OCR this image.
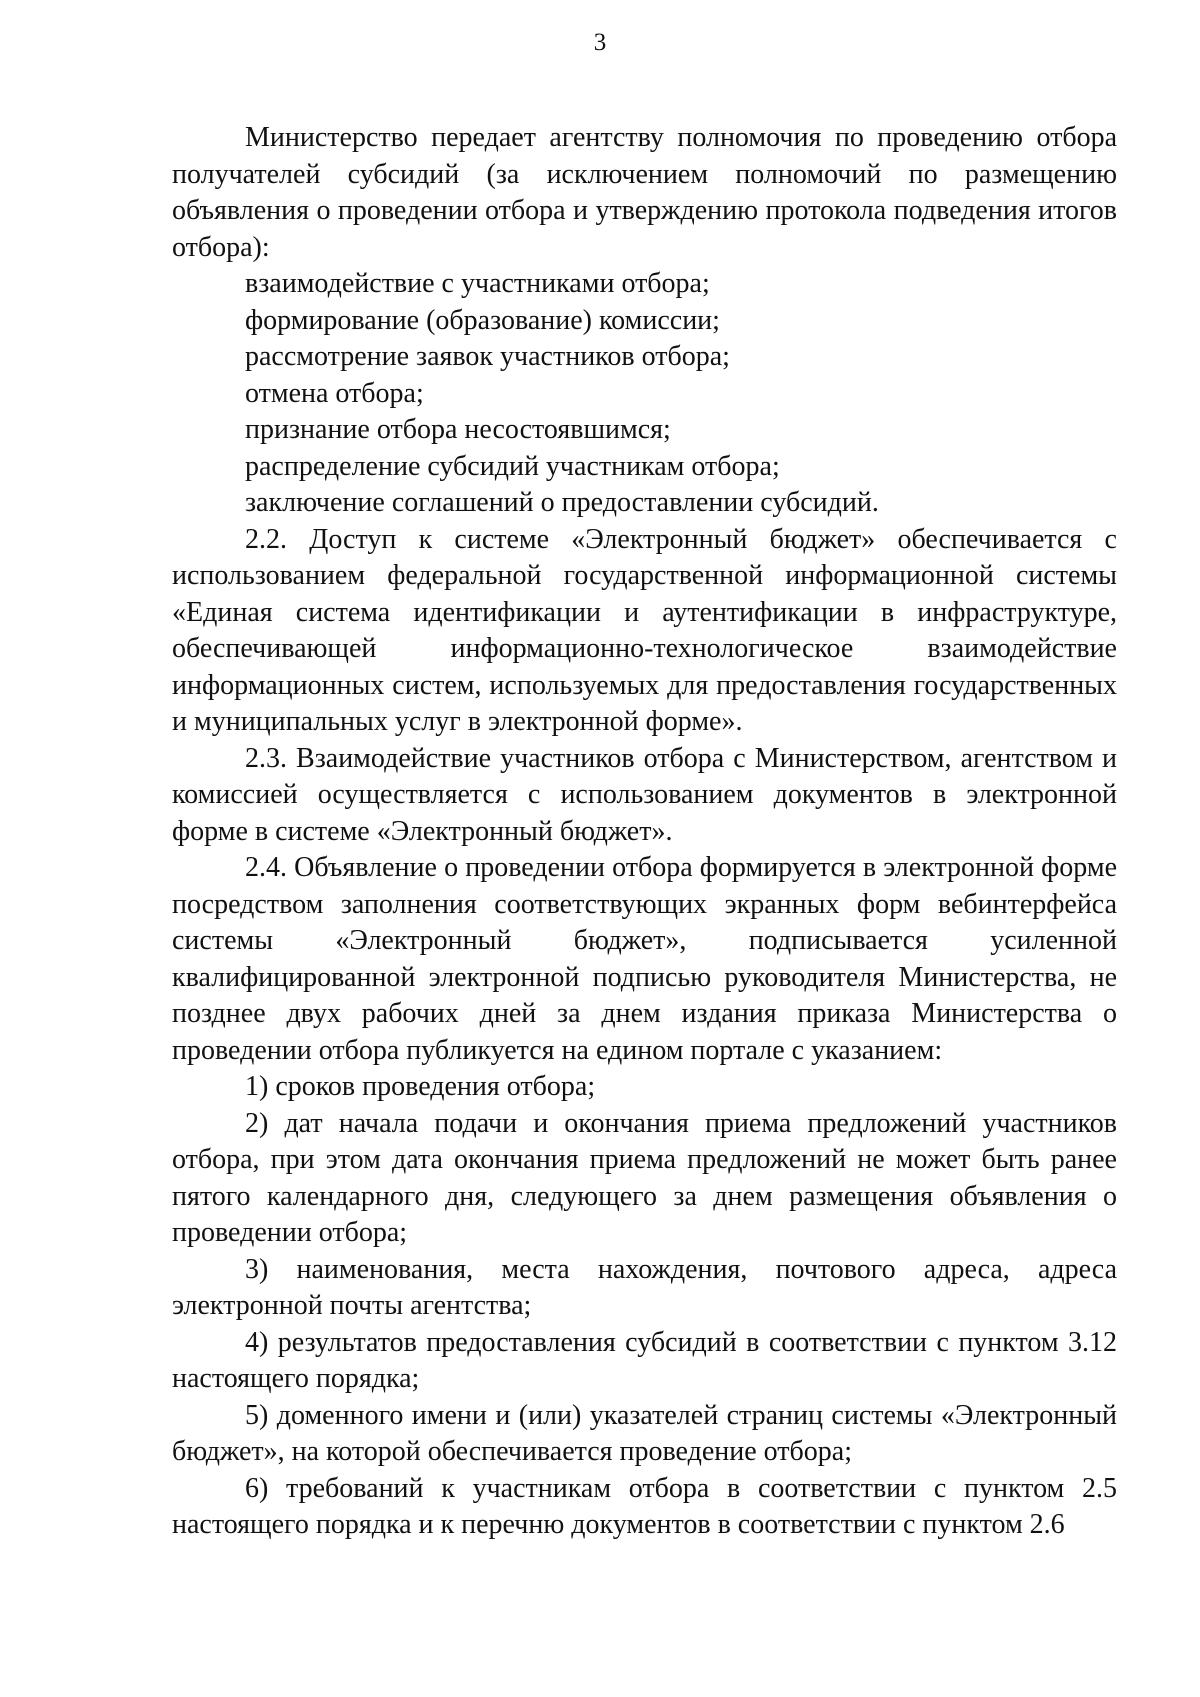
3

Министерство передает агентству полномочия по проведению отбора получателей субсидий (за исключением полномочий по размещению объявления о проведении отбора и утверждению протокола подведения итогов отбора):

взаимодействие с участниками отбора;

формирование (образование) комиссии;

рассмотрение заявок участников отбора;

отмена отбора;

признание отбора несостоявшимся;

распределение субсидий участникам отбора;

заключение соглашений о предоставлении субсидий.

2.2. Доступ к системе «Электронный бюджет» обеспечивается с использованием федеральной государственной информационной системы «Единая система идентификации и аутентификации в инфраструктуре, обеспечивающей информационно-технологическое взаимодействие информационных систем, используемых для предоставления государственных и муниципальных услуг в электронной форме».

2.3. Взаимодействие участников отбора с Министерством, агентством и комиссией осуществляется с использованием документов в электронной форме в системе «Электронный бюджет».

2.4. Объявление о проведении отбора формируется в электронной форме посредством заполнения соответствующих экранных форм вебинтерфейса системы «Электронный бюджет», подписывается усиленной квалифицированной электронной подписью руководителя Министерства, не позднее двух рабочих дней за днем издания приказа Министерства о проведении отбора публикуется на едином портале с указанием:

1) сроков проведения отбора;

2) дат начала подачи и окончания приема предложений участников отбора, при этом дата окончания приема предложений не может быть ранее пятого календарного дня, следующего за днем размещения объявления о проведении отбора;

3) наименования, места нахождения, почтового адреса, адреса электронной почты агентства;

4) результатов предоставления субсидий в соответствии с пунктом 3.12 настоящего порядка;

5) доменного имени и (или) указателей страниц системы «Электронный бюджет», на которой обеспечивается проведение отбора;

6) требований к участникам отбора в соответствии с пунктом 2.5 настоящего порядка и к перечню документов в соответствии с пунктом 2.6
